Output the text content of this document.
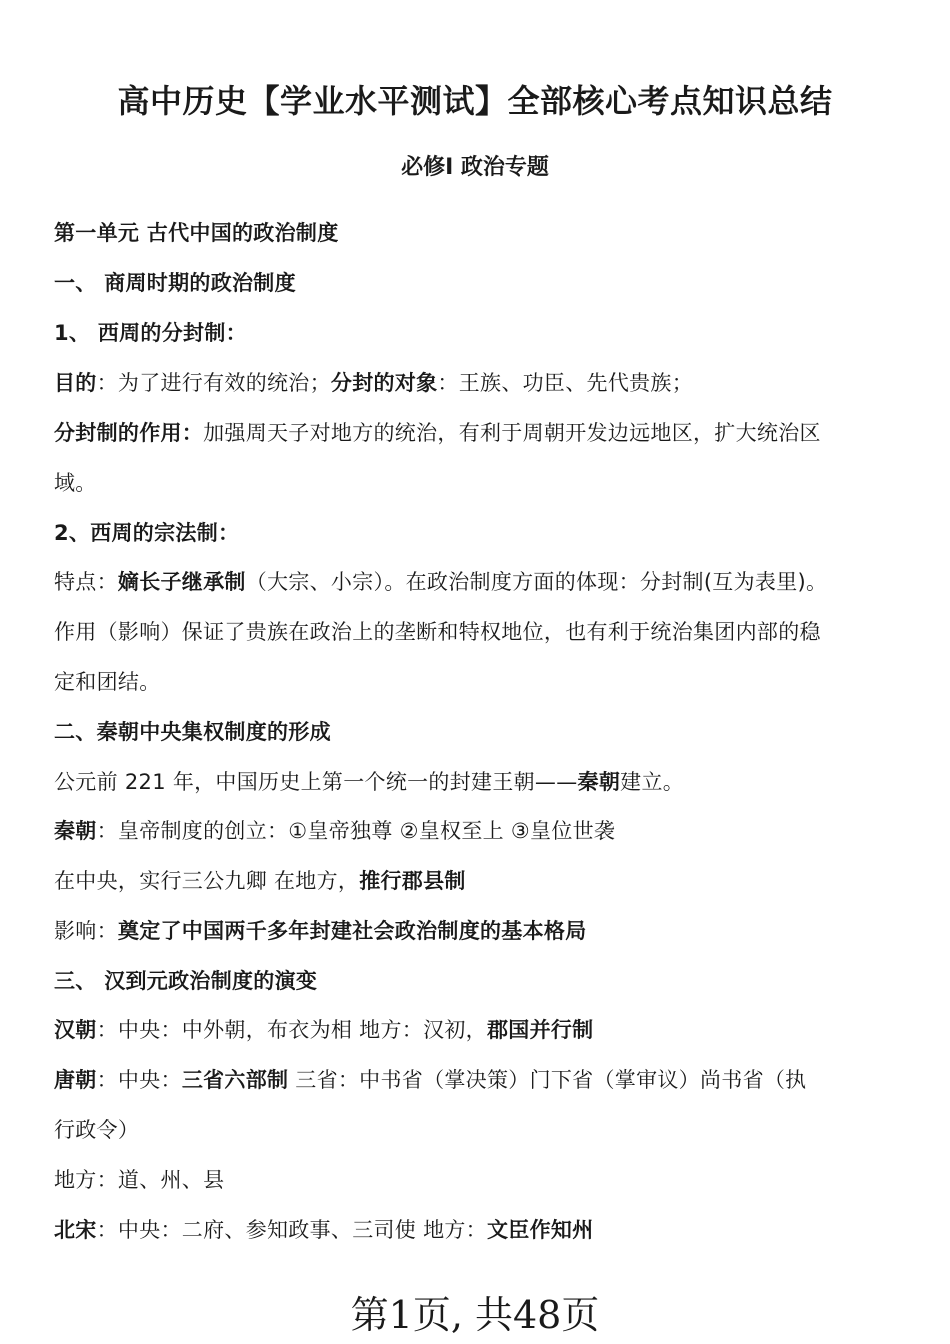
高中历史【学业水平测试】全部核心考点知识总结
必修Ⅰ 政治专题
第一单元 古代中国的政治制度
一、 商周时期的政治制度
1、 西周的分封制：
目的：为了进行有效的统治；分封的对象：王族、功臣、先代贵族；
分封制的作用：加强周天子对地方的统治，有利于周朝开发边远地区，扩大统治区
域。
2、西周的宗法制：
特点：嫡长子继承制（大宗、小宗）。在政治制度方面的体现：分封制(互为表里)。
作用（影响）保证了贵族在政治上的垄断和特权地位，也有利于统治集团内部的稳
定和团结。
二、秦朝中央集权制度的形成
公元前 221 年，中国历史上第一个统一的封建王朝——秦朝建立。
秦朝：皇帝制度的创立：①皇帝独尊 ②皇权至上 ③皇位世袭
在中央，实行三公九卿 在地方，推行郡县制
影响：奠定了中国两千多年封建社会政治制度的基本格局
三、 汉到元政治制度的演变
汉朝：中央：中外朝，布衣为相 地方：汉初，郡国并行制
唐朝：中央：三省六部制 三省：中书省（掌决策）门下省（掌审议）尚书省（执
行政令）
地方：道、州、县
北宋：中央：二府、参知政事、三司使 地方：文臣作知州
第1页, 共48页
